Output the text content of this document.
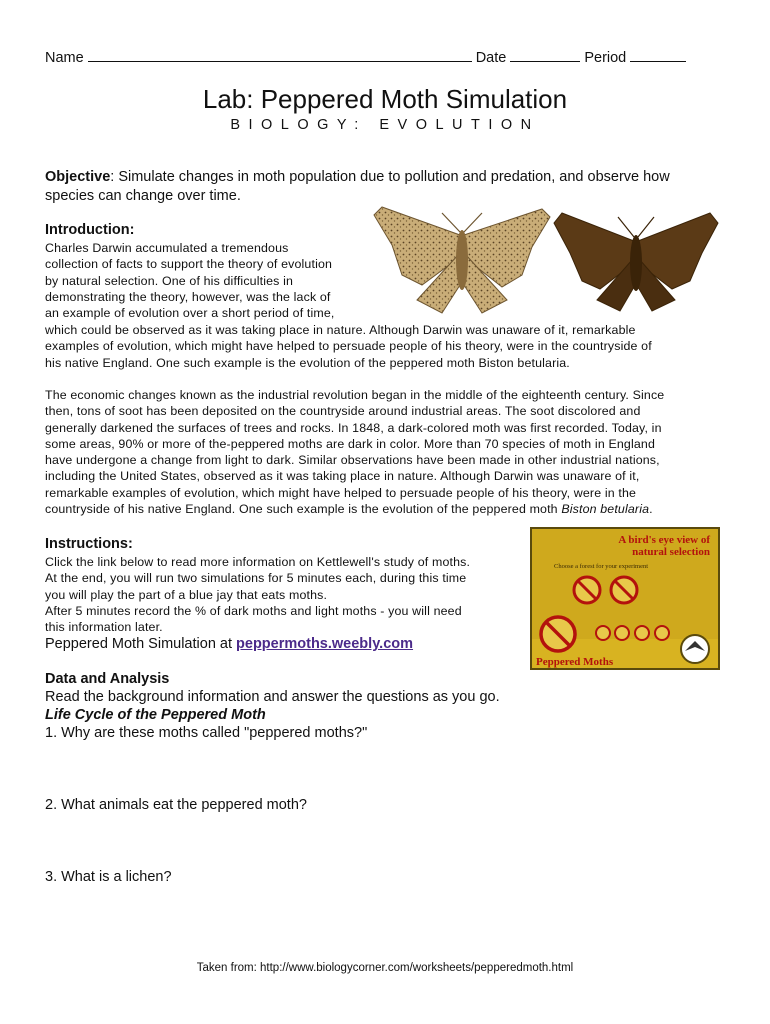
Name	Date	Period
Lab: Peppered Moth Simulation
BIOLOGY: EVOLUTION
Objective: Simulate changes in moth population due to pollution and predation, and observe how species can change over time.
Introduction:
Charles Darwin accumulated a tremendous
collection of facts to support the theory of evolution
by natural selection. One of his difficulties in
demonstrating the theory, however, was the lack of
an example of evolution over a short period of time,
which could be observed as it was taking place in nature. Although Darwin was unaware of it, remarkable
examples of evolution, which might have helped to persuade people of his theory, were in the countryside of
his native England. One such example is the evolution of the peppered moth Biston betularia.
The economic changes known as the industrial revolution began in the middle of the eighteenth century. Since
then, tons of soot has been deposited on the countryside around industrial areas. The soot discolored and
generally darkened the surfaces of trees and rocks. In 1848, a dark-colored moth was first recorded. Today, in
some areas, 90% or more of the-peppered moths are dark in color. More than 70 species of moth in England
have undergone a change from light to dark. Similar observations have been made in other industrial nations,
including the United States, observed as it was taking place in nature. Although Darwin was unaware of it,
remarkable examples of evolution, which might have helped to persuade people of his theory, were in the
countryside of his native England. One such example is the evolution of the peppered moth Biston betularia.
Instructions:
Click the link below to read more information on Kettlewell's study of moths.
At the end, you will run two simulations for 5 minutes each, during this time
you will play the part of a blue jay that eats moths.
After 5 minutes record the % of dark moths and light moths - you will need
this information later.
Peppered Moth Simulation at peppermoths.weebly.com
A bird's eye view of
natural selection
Choose a forest for your experiment
Peppered Moths
Data and Analysis
Read the background information and answer the questions as you go.
Life Cycle of the Peppered Moth
1. Why are these moths called "peppered moths?"
2. What animals eat the peppered moth?
3. What is a lichen?
Taken from: http://www.biologycorner.com/worksheets/pepperedmoth.html
